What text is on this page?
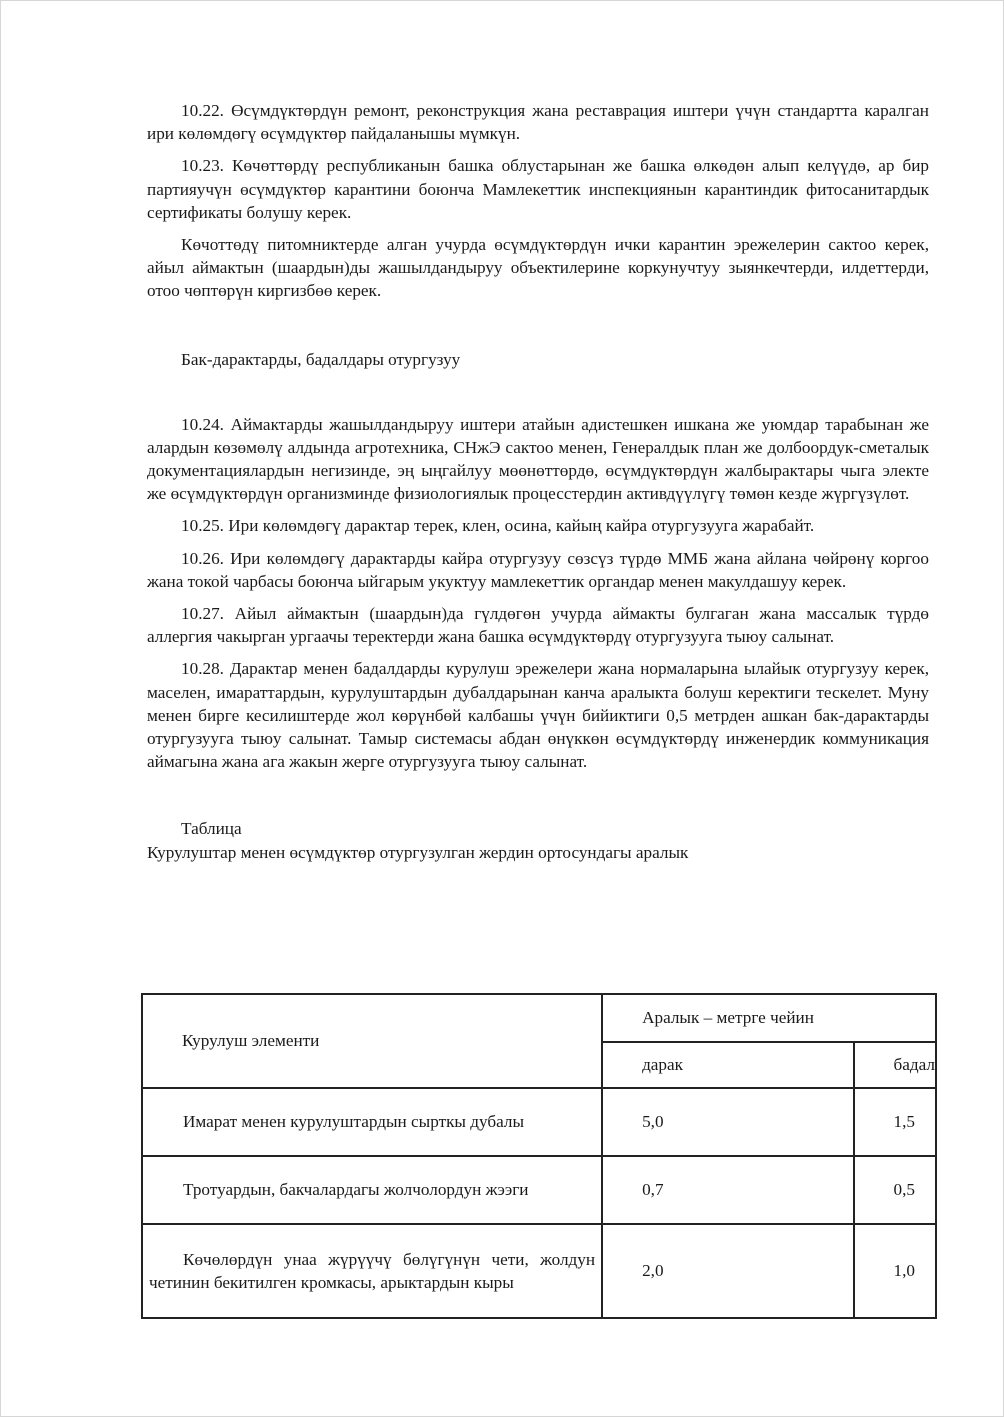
10.22. Өсүмдүктөрдүн ремонт, реконструкция жана реставрация иштери үчүн стандартта каралган ири көлөмдөгү өсүмдүктөр пайдаланышы мүмкүн.

10.23. Көчөттөрдү республиканын башка облустарынан же башка өлкөдөн алып келүүдө, ар бир партияучүн өсүмдүктөр карантини боюнча Мамлекеттик инспекциянын карантиндик фитосанитардык сертификаты болушу керек.

Көчоттөдү питомниктерде алган учурда өсүмдүктөрдүн ички карантин эрежелерин сактоо керек, айыл аймактын (шаардын)ды жашылдандыруу объектилерине коркунучтуу зыянкечтерди, илдеттерди, отоо чөптөрүн киргизбөө керек.

Бак-дарактарды, бадалдары отургузуу

10.24. Аймактарды жашылдандыруу иштери атайын адистешкен ишкана же уюмдар тарабынан же алардын көзөмөлү алдында агротехника, СНжЭ сактоо менен, Генералдык план же долбоордук-сметалык документациялардын негизинде, эң ыңгайлуу мөөнөттөрдө, өсүмдүктөрдүн жалбырактары чыга электе же өсүмдүктөрдүн организминде физиологиялык процесстердин активдүүлүгү төмөн кезде жүргүзүлөт.

10.25. Ири көлөмдөгү дарактар терек, клен, осина, кайың кайра отургузууга жарабайт.

10.26. Ири көлөмдөгү дарактарды кайра отургузуу сөзсүз түрдө ММБ жана айлана чөйрөнү коргоо жана токой чарбасы боюнча ыйгарым укуктуу мамлекеттик органдар менен макулдашуу керек.

10.27. Айыл аймактын (шаардын)да гүлдөгөн учурда аймакты булгаган жана массалык түрдө аллергия чакырган ургаачы теректерди жана башка өсүмдүктөрдү отургузууга тыюу салынат.

10.28. Дарактар менен бадалдарды курулуш эрежелери жана нормаларына ылайык отургузуу керек, маселен, имараттардын, курулуштардын дубалдарынан канча аралыкта болуш керектиги тескелет. Муну менен бирге кесилиштерде жол көрүнбөй калбашы үчүн бийиктиги 0,5 метрден ашкан бак-дарактарды отургузууга тыюу салынат. Тамыр системасы абдан өнүккөн өсүмдүктөрдү инженердик коммуникация аймагына жана ага жакын жерге отургузууга тыюу салынат.

Таблица
Курулуштар менен өсүмдүктөр отургузулган жердин ортосундагы аралык
Курулуш элементи	Аралык – метрге чейин	
	дарак	бадал

Имарат менен курулуштардын сырткы дубалы	5,0	1,5

Тротуардын, бакчалардагы жолчолордун жээги	0,7	0,5

Көчөлөрдүн унаа жүрүүчү бөлүгүнүн чети, жолдун четинин бекитилген кромкасы, арыктардын кыры	2,0	1,0
